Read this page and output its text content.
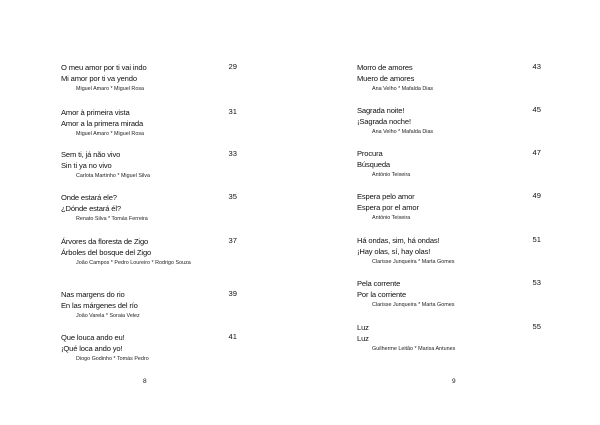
O meu amor por ti vai indo	29
Mi amor por ti va yendo
Miguel Amaro * Miguel Rosa
Amor à primeira vista	31
Amor a la primera mirada
Miguel Amaro * Miguel Rosa
Sem ti, já não vivo	33
Sin ti ya no vivo
Carlota Martinho * Miguel Silva
Onde estará ele?	35
¿Dónde estará él?
Renato Silva * Tomás Ferreira
Árvores da floresta de Zigo	37
Árboles del bosque del Zigo
João Campos * Pedro Loureiro * Rodrigo Souza
Nas margens do rio	39
En las márgenes del río
João Varela * Soraia Velez
Que louca ando eu!	41
¡Qué loca ando yo!
Diogo Godinho * Tomás Pedro
8
Morro de amores	43
Muero de amores
Ana Velho * Mafalda Dias
Sagrada noite!	45
¡Sagrada noche!
Ana Velho * Mafalda Dias
Procura	47
Búsqueda
António Teixeira
Espera pelo amor	49
Espera por el amor
António Teixeira
Há ondas, sim, há ondas!	51
¡Hay olas, sí, hay olas!
Clarisse Junqueira * Marta Gomes
Pela corrente	53
Por la corriente
Clarisse Junqueira * Marta Gomes
Luz	55
Luz
Guilherme Leitão * Marisa Antunes
9
